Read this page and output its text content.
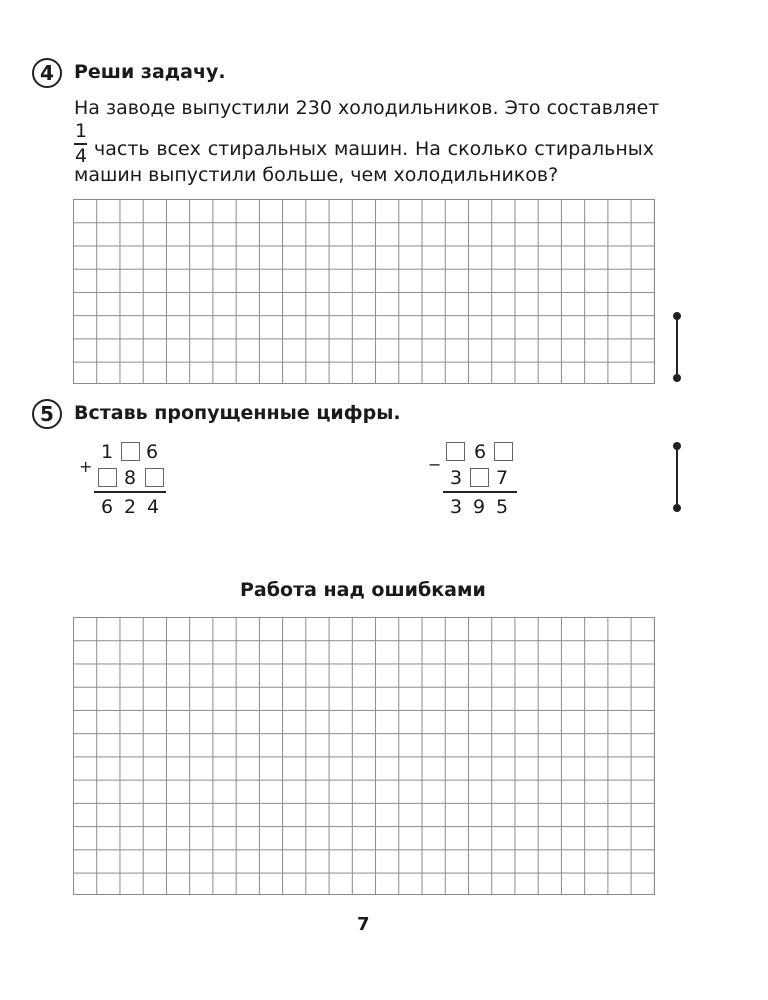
4	Реши задачу.
На заводе выпустили 230 холодильников. Это составляет
1
4 часть всех стиральных машин. На сколько стиральных
машин выпустили больше, чем холодильников?
5	Вставь пропущенные цифры.
+
1 6
8
6 2 4
−
6
3 7
3 9 5
Работа над ошибками
7
